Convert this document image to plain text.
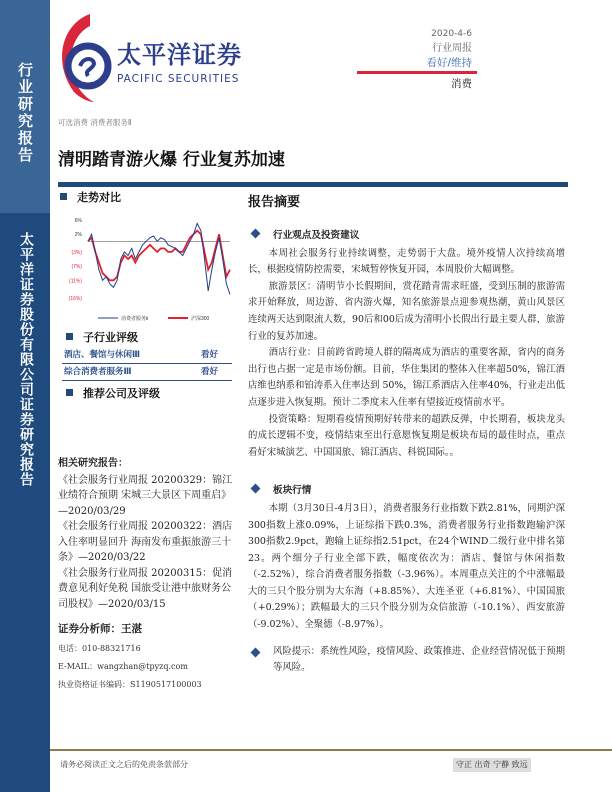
行业研究报告
太平洋证券股份有限公司证券研究报告
太平洋证券
PACIFIC SECURITIES
2020-4-6
行业周报
看好/维持
消费
可选消费 消费者服务Ⅱ
清明踏青游火爆 行业复苏加速
走势对比
6%
2%
(3%)
(7%)
(11%)
(16%)
消费者服务Ⅱ	沪深300
子行业评级
酒店、餐馆与休闲Ⅲ	看好
综合消费者服务Ⅲ	看好
推荐公司及评级
相关研究报告：
《社会服务行业周报 20200329：锦江业绩符合预期 宋城三大景区下周重启》—2020/03/29
《社会服务行业周报 20200322：酒店入住率明显回升 海南发布重振旅游三十条》—2020/03/22
《社会服务行业周报 20200315：促消费意见利好免税 国旅受让港中旅财务公司股权》—2020/03/15
证券分析师：王湛
电话：010-88321716
E-MAIL：wangzhan@tpyzq.com
执业资格证书编码：S1190517100003
报告摘要
行业观点及投资建议
本周社会服务行业持续调整，走势弱于大盘。境外疫情人次持续高增长，根据疫情防控需要，宋城暂停恢复开园，本周股价大幅调整。
旅游景区：清明节小长假期间，赏花踏青需求旺盛，受到压制的旅游需求开始释放，周边游、省内游火爆，知名旅游景点迎参观热潮，黄山风景区连续两天达到限流人数，90后和00后成为清明小长假出行最主要人群，旅游行业的复苏加速。
酒店行业：目前跨省跨境人群的隔离成为酒店的重要客源，省内的商务出行也占据一定是市场份额。目前，华住集团的整体入住率超50%，锦江酒店维也纳系和铂涛系入住率达到 50%，锦江系酒店入住率40%，行业走出低点逐步进入恢复期。预计二季度末入住率有望接近疫情前水平。
投资策略：短期看疫情预期好转带来的超跌反弹，中长期看，板块龙头的成长逻辑不变，疫情结束至出行意愿恢复期是板块布局的最佳时点，重点看好宋城演艺、中国国旅、锦江酒店、科锐国际。。
板块行情
本期（3月30日-4月3日），消费者服务行业指数下跌2.81%，同期沪深300指数上涨0.09%，上证综指下跌0.3%，消费者服务行业指数跑输沪深300指数2.9pct，跑输上证综指2.51pct，在24个WIND二级行业中排名第23。两个细分子行业全部下跌，幅度依次为：酒店、餐馆与休闲指数（-2.52%），综合消费者服务指数（-3.96%）。本周重点关注的个中涨幅最大的三只个股分别为大东海（+8.85%）、大连圣亚（+6.81%）、中国国旅（+0.29%）；跌幅最大的三只个股分别为众信旅游（-10.1%）、西安旅游（-9.02%）、全聚德（-8.97%）。
风险提示：系统性风险，疫情风险、政策推进、企业经营情况低于预期等风险。
请务必阅读正文之后的免责条款部分	守正 出奇 宁静 致远
